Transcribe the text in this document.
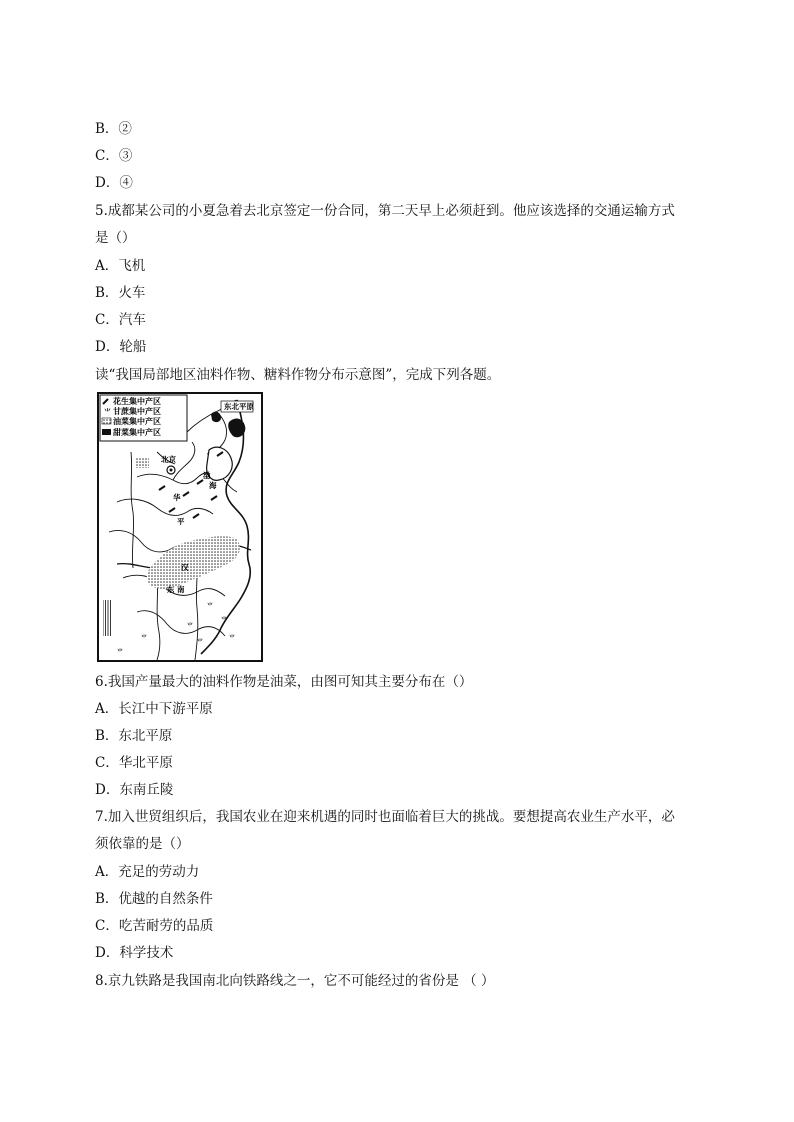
B．②
C．③
D．④
5.成都某公司的小夏急着去北京签定一份合同，第二天早上必须赶到。他应该选择的交通运输方式
是（）
A．飞机
B．火车
C．汽车
D．轮船
读“我国局部地区油料作物、糖料作物分布示意图”，完成下列各题。
花生集中产区
⺌ 甘蔗集中产区
油菜集中产区
甜菜集中产区
⺌
⺌
⺌
⺌
⺌
⺌
⺌
东北平原
北京
渤
海
华
平
汉
东 南
6.我国产量最大的油料作物是油菜，由图可知其主要分布在（）
A．长江中下游平原
B．东北平原
C．华北平原
D．东南丘陵
7.加入世贸组织后，我国农业在迎来机遇的同时也面临着巨大的挑战。要想提高农业生产水平，必
须依靠的是（）
A．充足的劳动力
B．优越的自然条件
C．吃苦耐劳的品质
D．科学技术
8.京九铁路是我国南北向铁路线之一，它不可能经过的省份是 （ ）
